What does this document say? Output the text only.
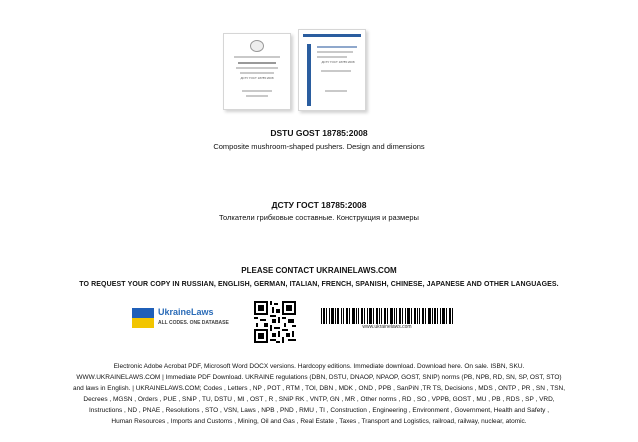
ДСТУ ГОСТ 18785:2008
ДСТУ ГОСТ 18785:2008
DSTU GOST 18785:2008
Composite mushroom-shaped pushers. Design and dimensions
ДСТУ ГОСТ 18785:2008
Толкатели грибковые составные. Конструкция и размеры
PLEASE CONTACT UKRAINELAWS.COM
TO REQUEST YOUR COPY IN RUSSIAN, ENGLISH, GERMAN, ITALIAN, FRENCH, SPANISH, CHINESE, JAPANESE AND OTHER LANGUAGES.
UkraineLaws
ALL CODES. ONE DATABASE
www.ukrainelaws.com
Electronic Adobe Acrobat PDF, Microsoft Word DOCX versions. Hardcopy editions. Immediate download. Download here. On sale. ISBN, SKU.
WWW.UKRAINELAWS.COM | Immediate PDF Download. UKRAINE regulations (DBN, DSTU, DNAOP, NPAOP, GOST, SNIP) norms (PB, NPB, RD, SN, SP, OST, STO)
and laws in English. | UKRAINELAWS.COM; Codes , Letters , NP , POT , RTM , TOI, DBN , MDK , OND , PPB , SanPiN ,TR TS, Decisions , MDS , ONTP , PR , SN , TSN,
Decrees , MGSN , Orders , PUE , SNiP , TU, DSTU , MI , OST , R , SNiP RK , VNTP, GN , MR , Other norms , RD , SO , VPPB, GOST , MU , PB , RDS , SP , VRD,
Instructions , ND , PNAE , Resolutions , STO , VSN, Laws , NPB , PND , RMU , TI , Construction , Engineering , Environment , Government, Health and Safety ,
Human Resources , Imports and Customs , Mining, Oil and Gas , Real Estate , Taxes , Transport and Logistics, railroad, railway, nuclear, atomic.
